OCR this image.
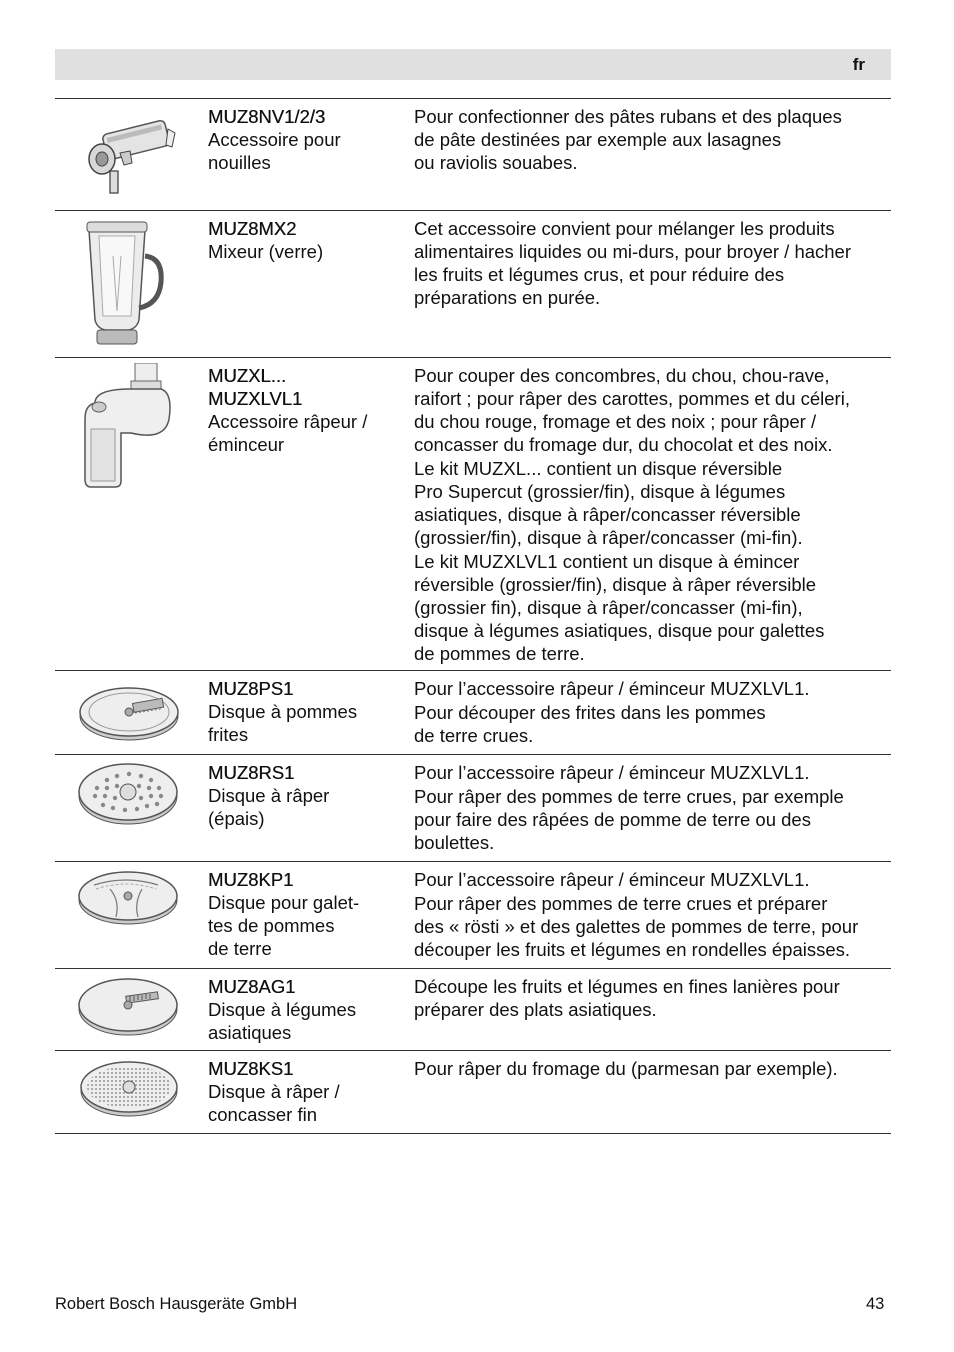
fr
MUZ8NV1/2/3
Accessoire pour
nouilles

Pour confectionner des pâtes rubans et des plaques
de pâte destinées par exemple aux lasagnes
ou raviolis souabes.

MUZ8MX2
Mixeur (verre)

Cet accessoire convient pour mélanger les produits
alimentaires liquides ou mi-durs, pour broyer / hacher
les fruits et légumes crus, et pour réduire des
préparations en purée.

MUZXL...
MUZXLVL1
Accessoire râpeur /
éminceur

Pour couper des concombres, du chou, chou-rave,
raifort ; pour râper des carottes, pommes et du céleri,
du chou rouge, fromage et des noix ; pour râper /
concasser du fromage dur, du chocolat et des noix.

Le kit MUZXL... contient un disque réversible
Pro Supercut (grossier/fin), disque à légumes
asiatiques, disque à râper/concasser réversible
(grossier/fin), disque à râper/concasser (mi-fin).

Le kit MUZXLVL1 contient un disque à émincer
réversible (grossier/fin), disque à râper réversible
(grossier fin), disque à râper/concasser (mi-fin),
disque à légumes asiatiques, disque pour galettes
de pommes de terre.

MUZ8PS1
Disque à pommes
frites

Pour l’accessoire râpeur / éminceur MUZXLVL1.

Pour découper des frites dans les pommes
de terre crues.

MUZ8RS1
Disque à râper
(épais)

Pour l’accessoire râpeur / éminceur MUZXLVL1.

Pour râper des pommes de terre crues, par exemple
pour faire des râpées de pomme de terre ou des
boulettes.

MUZ8KP1
Disque pour galet-
tes de pommes
de terre

Pour l’accessoire râpeur / éminceur MUZXLVL1.

Pour râper des pommes de terre crues et préparer
des « rösti » et des galettes de pommes de terre, pour
découper les fruits et légumes en rondelles épaisses.

MUZ8AG1
Disque à légumes
asiatiques

Découpe les fruits et légumes en fines lanières pour
préparer des plats asiatiques.

MUZ8KS1
Disque à râper /
concasser fin

Pour râper du fromage du (parmesan par exemple).

Robert Bosch Hausgeräte GmbH	43
